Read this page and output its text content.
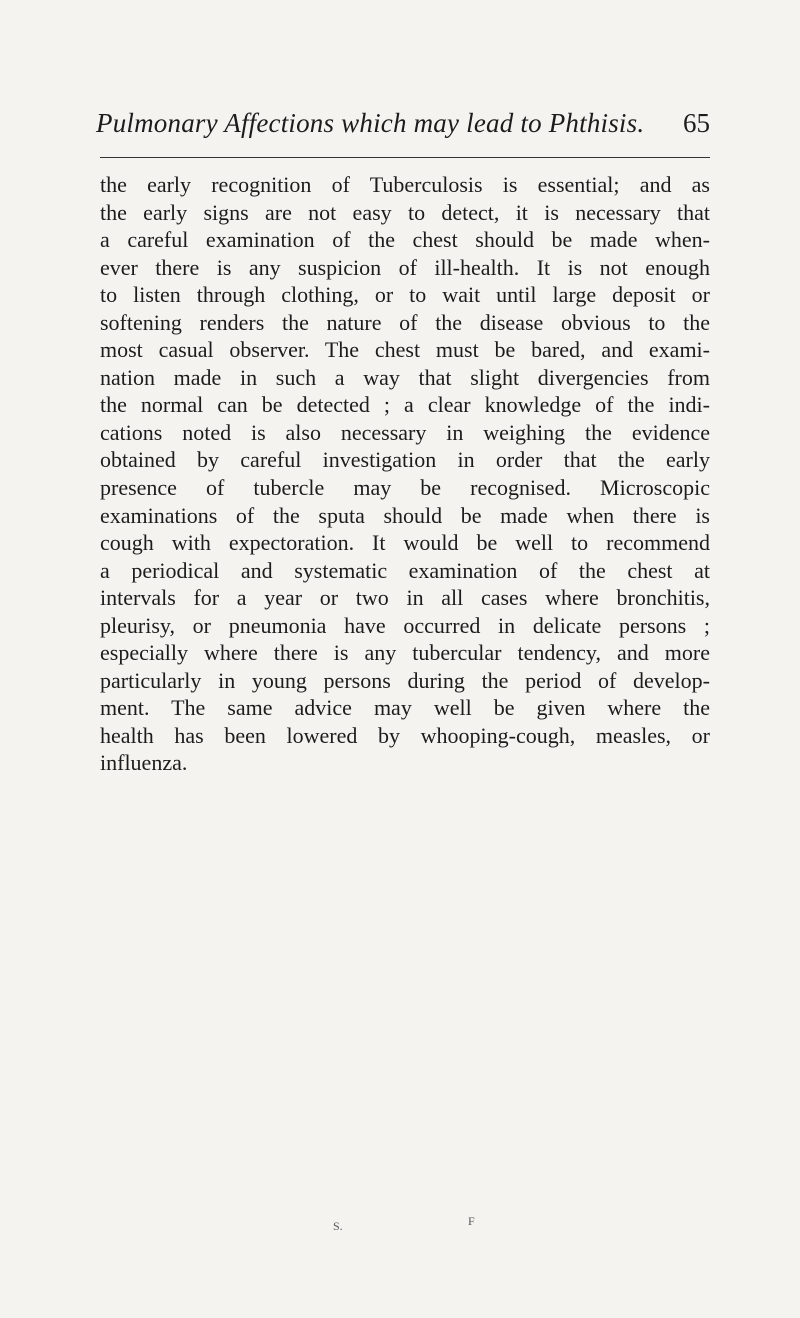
Pulmonary Affections which may lead to Phthisis. 65
the early recognition of Tuberculosis is essential; and as
the early signs are not easy to detect, it is necessary that
a careful examination of the chest should be made when-
ever there is any suspicion of ill-health. It is not enough
to listen through clothing, or to wait until large deposit or
softening renders the nature of the disease obvious to the
most casual observer. The chest must be bared, and exami-
nation made in such a way that slight divergencies from
the normal can be detected ; a clear knowledge of the indi-
cations noted is also necessary in weighing the evidence
obtained by careful investigation in order that the early
presence of tubercle may be recognised. Microscopic
examinations of the sputa should be made when there is
cough with expectoration. It would be well to recommend
a periodical and systematic examination of the chest at
intervals for a year or two in all cases where bronchitis,
pleurisy, or pneumonia have occurred in delicate persons ;
especially where there is any tubercular tendency, and more
particularly in young persons during the period of develop-
ment. The same advice may well be given where the
health has been lowered by whooping-cough, measles, or
influenza.
S.	F
